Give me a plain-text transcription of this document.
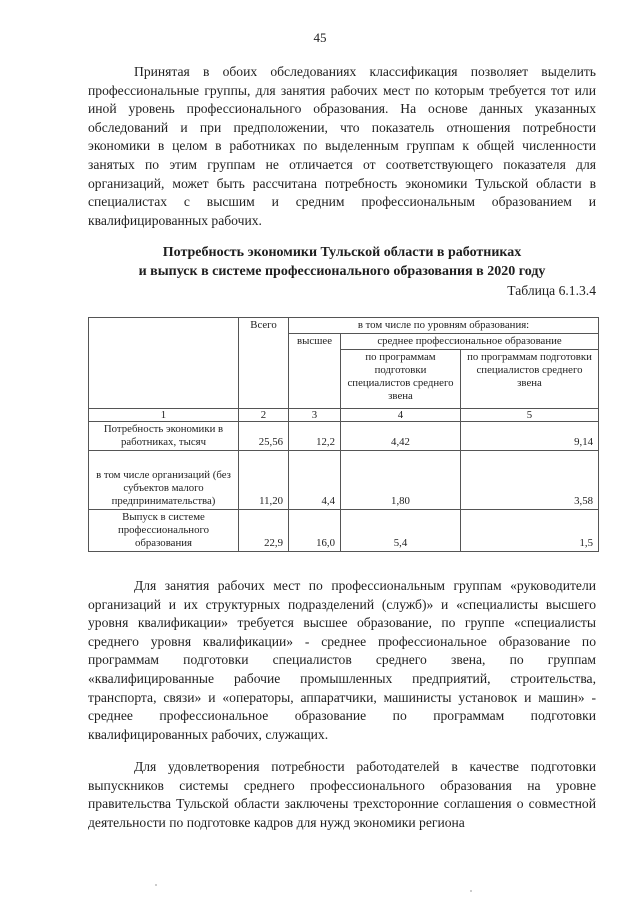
45

Принятая в обоих обследованиях классификация позволяет выделить профессиональные группы, для занятия рабочих мест по которым требуется тот или иной уровень профессионального образования. На основе данных указанных обследований и при предположении, что показатель отношения потребности экономики в целом в работниках по выделенным группам к общей численности занятых по этим группам не отличается от соответствующего показателя для организаций, может быть рассчитана потребность экономики Тульской области в специалистах с высшим и средним профессиональным образованием и квалифицированных рабочих.

Потребность экономики Тульской области в работниках
и выпуск в системе профессионального образования в 2020 году
Таблица 6.1.3.4
	Всего	в том числе по уровням образования:		
		высшее	среднее профессиональное образование	
			по программам подготовки специалистов среднего звена	по программам подготовки специалистов среднего звена
1	2	3	4	5
Потребность экономики в работниках, тысяч	25,56	12,2	4,42	9,14
в том числе организаций (без субъектов малого предпринимательства)	11,20	4,4	1,80	3,58
Выпуск в системе профессионального образования	22,9	16,0	5,4	1,5

Для занятия рабочих мест по профессиональным группам «руководители организаций и их структурных подразделений (служб)» и «специалисты высшего уровня квалификации» требуется высшее образование, по группе «специалисты среднего уровня квалификации» - среднее профессиональное образование по программам подготовки специалистов среднего звена, по группам «квалифицированные рабочие промышленных предприятий, строительства, транспорта, связи» и «операторы, аппаратчики, машинисты установок и машин» - среднее профессиональное образование по программам подготовки квалифицированных рабочих, служащих.

Для удовлетворения потребности работодателей в качестве подготовки выпускников системы среднего профессионального образования на уровне правительства Тульской области заключены трехсторонние соглашения о совместной деятельности по подготовке кадров для нужд экономики региона
